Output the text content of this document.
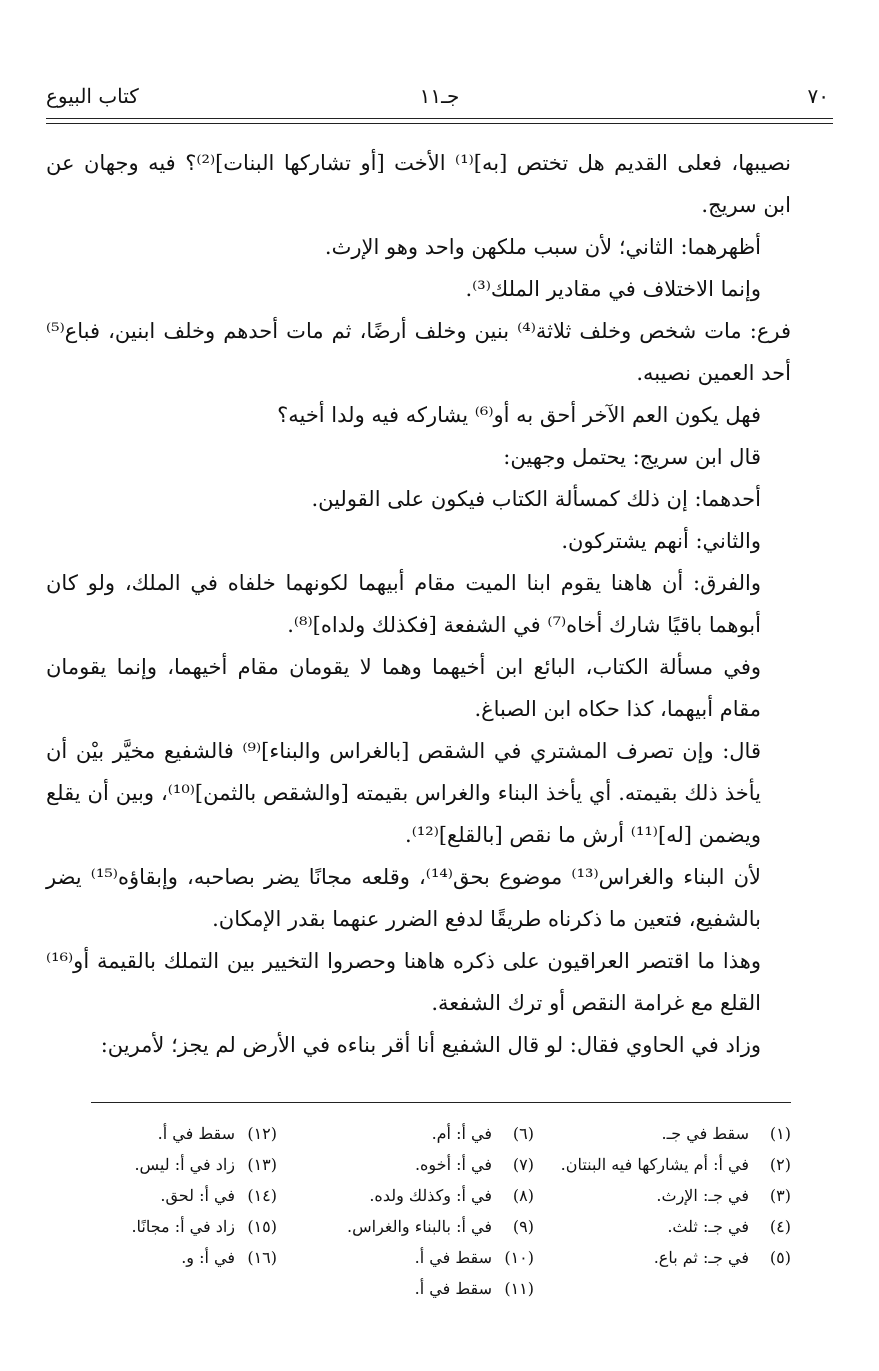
٧٠
جـ١١
كتاب البيوع

نصيبها، فعلى القديم هل تختص [به]⁽¹⁾ الأخت [أو تشاركها البنات]⁽²⁾؟ فيه وجهان عن ابن سريج.

أظهرهما: الثاني؛ لأن سبب ملكهن واحد وهو الإرث.

وإنما الاختلاف في مقادير الملك⁽³⁾.

فرع: مات شخص وخلف ثلاثة⁽⁴⁾ بنين وخلف أرضًا، ثم مات أحدهم وخلف ابنين، فباع⁽⁵⁾ أحد العمين نصيبه.

فهل يكون العم الآخر أحق به أو⁽⁶⁾ يشاركه فيه ولدا أخيه؟

قال ابن سريج: يحتمل وجهين:

أحدهما: إن ذلك كمسألة الكتاب فيكون على القولين.

والثاني: أنهم يشتركون.

والفرق: أن هاهنا يقوم ابنا الميت مقام أبيهما لكونهما خلفاه في الملك، ولو كان أبوهما باقيًا شارك أخاه⁽⁷⁾ في الشفعة [فكذلك ولداه]⁽⁸⁾.

وفي مسألة الكتاب، البائع ابن أخيهما وهما لا يقومان مقام أخيهما، وإنما يقومان مقام أبيهما، كذا حكاه ابن الصباغ.

قال: وإن تصرف المشتري في الشقص [بالغراس والبناء]⁽⁹⁾ فالشفيع مخيَّر بيْن أن يأخذ ذلك بقيمته. أي يأخذ البناء والغراس بقيمته [والشقص بالثمن]⁽¹⁰⁾، وبين أن يقلع ويضمن [له]⁽¹¹⁾ أرش ما نقص [بالقلع]⁽¹²⁾.

لأن البناء والغراس⁽¹³⁾ موضوع بحق⁽¹⁴⁾، وقلعه مجانًا يضر بصاحبه، وإبقاؤه⁽¹⁵⁾ يضر بالشفيع، فتعين ما ذكرناه طريقًا لدفع الضرر عنهما بقدر الإمكان.

وهذا ما اقتصر العراقيون على ذكره هاهنا وحصروا التخيير بين التملك بالقيمة أو⁽¹⁶⁾ القلع مع غرامة النقص أو ترك الشفعة.

وزاد في الحاوي فقال: لو قال الشفيع أنا أقر بناءه في الأرض لم يجز؛ لأمرين:

(١)
سقط في جـ.
(٢)
في أ: أم يشاركها فيه البنتان.
(٣)
في جـ: الإرث.
(٤)
في جـ: ثلث.
(٥)
في جـ: ثم باع.
(٦)
في أ: أم.
(٧)
في أ: أخوه.
(٨)
في أ: وكذلك ولده.
(٩)
في أ: بالبناء والغراس.
(١٠)
سقط في أ.
(١١)
سقط في أ.
(١٢)
سقط في أ.
(١٣)
زاد في أ: ليس.
(١٤)
في أ: لحق.
(١٥)
زاد في أ: مجانًا.
(١٦)
في أ: و.
